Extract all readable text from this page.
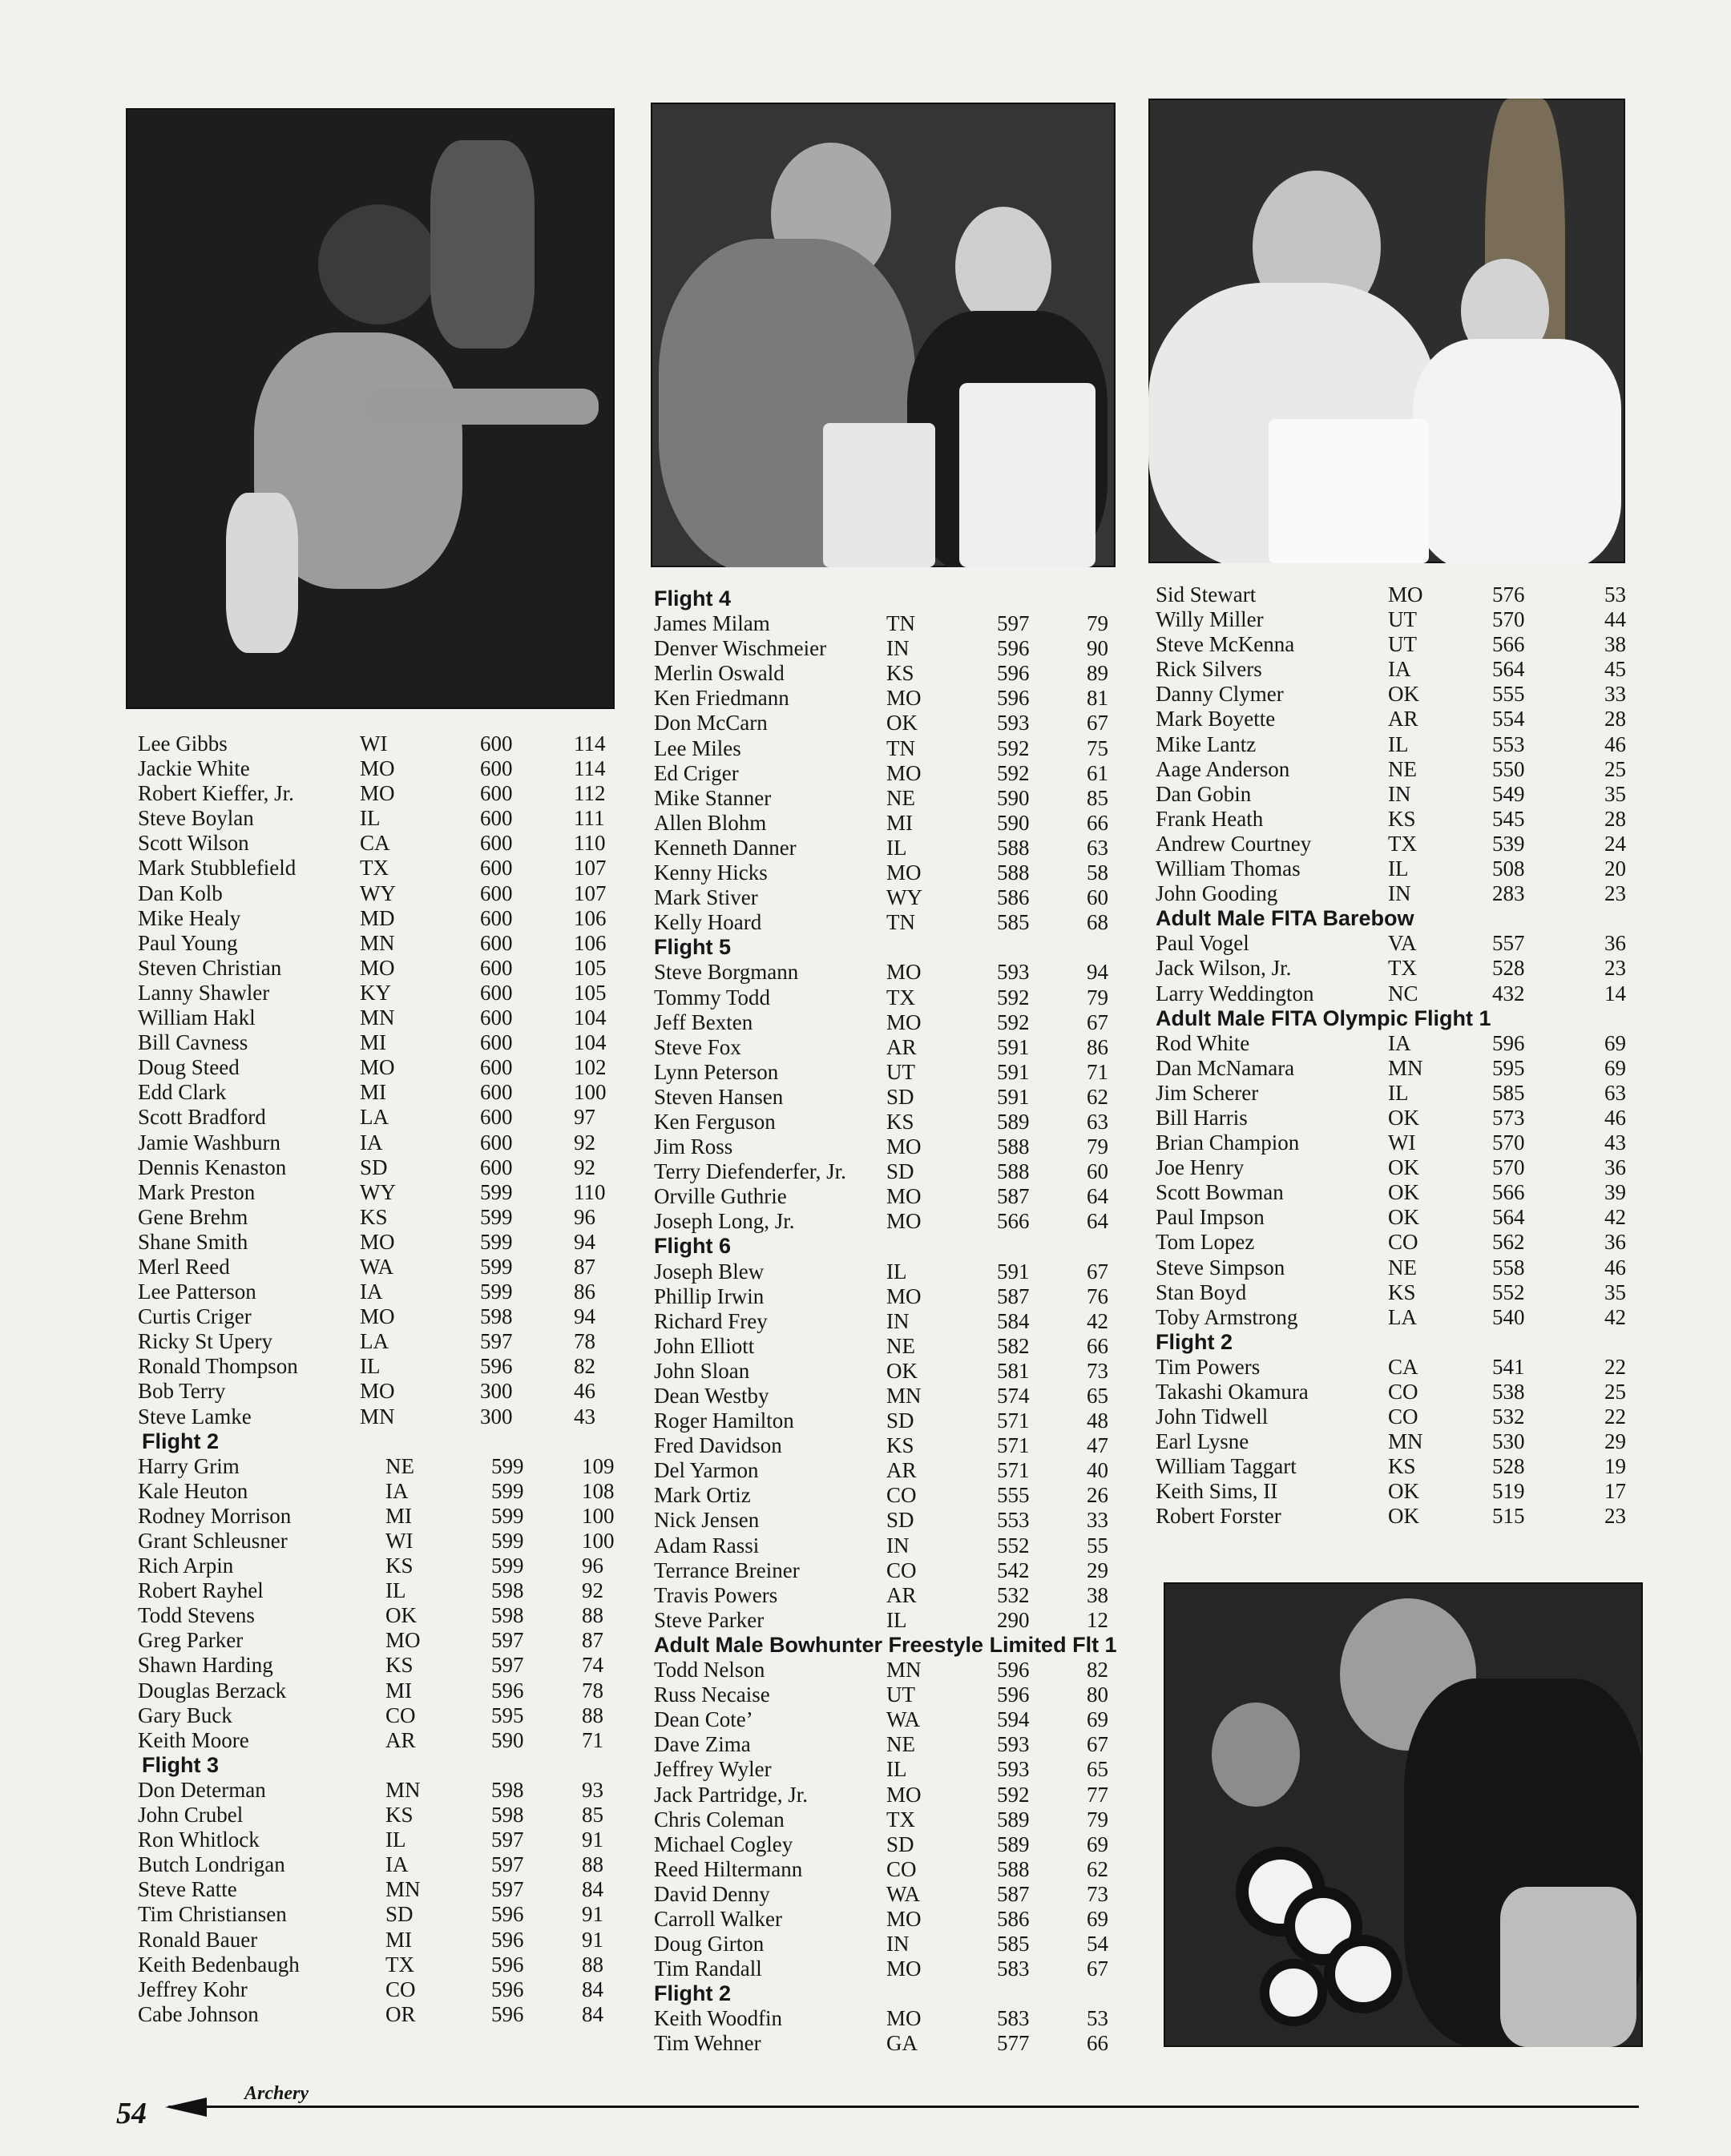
Lee Gibbs	WI	600	114
Jackie White	MO	600	114
Robert Kieffer, Jr.	MO	600	112
Steve Boylan	IL	600	111
Scott Wilson	CA	600	110
Mark Stubblefield	TX	600	107
Dan Kolb	WY	600	107
Mike Healy	MD	600	106
Paul Young	MN	600	106
Steven Christian	MO	600	105
Lanny Shawler	KY	600	105
William Hakl	MN	600	104
Bill Cavness	MI	600	104
Doug Steed	MO	600	102
Edd Clark	MI	600	100
Scott Bradford	LA	600	97
Jamie Washburn	IA	600	92
Dennis Kenaston	SD	600	92
Mark Preston	WY	599	110
Gene Brehm	KS	599	96
Shane Smith	MO	599	94
Merl Reed	WA	599	87
Lee Patterson	IA	599	86
Curtis Criger	MO	598	94
Ricky St Upery	LA	597	78
Ronald Thompson	IL	596	82
Bob Terry	MO	300	46
Steve Lamke	MN	300	43
Flight 2
Harry Grim	NE	599	109
Kale Heuton	IA	599	108
Rodney Morrison	MI	599	100
Grant Schleusner	WI	599	100
Rich Arpin	KS	599	96
Robert Rayhel	IL	598	92
Todd Stevens	OK	598	88
Greg Parker	MO	597	87
Shawn Harding	KS	597	74
Douglas Berzack	MI	596	78
Gary Buck	CO	595	88
Keith Moore	AR	590	71
Flight 3
Don Determan	MN	598	93
John Crubel	KS	598	85
Ron Whitlock	IL	597	91
Butch Londrigan	IA	597	88
Steve Ratte	MN	597	84
Tim Christiansen	SD	596	91
Ronald Bauer	MI	596	91
Keith Bedenbaugh	TX	596	88
Jeffrey Kohr	CO	596	84
Cabe Johnson	OR	596	84
Flight 4
James Milam	TN	597	79
Denver Wischmeier	IN	596	90
Merlin Oswald	KS	596	89
Ken Friedmann	MO	596	81
Don McCarn	OK	593	67
Lee Miles	TN	592	75
Ed Criger	MO	592	61
Mike Stanner	NE	590	85
Allen Blohm	MI	590	66
Kenneth Danner	IL	588	63
Kenny Hicks	MO	588	58
Mark Stiver	WY	586	60
Kelly Hoard	TN	585	68
Flight 5
Steve Borgmann	MO	593	94
Tommy Todd	TX	592	79
Jeff Bexten	MO	592	67
Steve Fox	AR	591	86
Lynn Peterson	UT	591	71
Steven Hansen	SD	591	62
Ken Ferguson	KS	589	63
Jim Ross	MO	588	79
Terry Diefenderfer, Jr. SD	588	60
Orville Guthrie	MO	587	64
Joseph Long, Jr.	MO	566	64
Flight 6
Joseph Blew	IL	591	67
Phillip Irwin	MO	587	76
Richard Frey	IN	584	42
John Elliott	NE	582	66
John Sloan	OK	581	73
Dean Westby	MN	574	65
Roger Hamilton	SD	571	48
Fred Davidson	KS	571	47
Del Yarmon	AR	571	40
Mark Ortiz	CO	555	26
Nick Jensen	SD	553	33
Adam Rassi	IN	552	55
Terrance Breiner	CO	542	29
Travis Powers	AR	532	38
Steve Parker	IL	290	12
Adult Male Bowhunter Freestyle Limited Flt 1
Todd Nelson	MN	596	82
Russ Necaise	UT	596	80
Dean Cote’	WA	594	69
Dave Zima	NE	593	67
Jeffrey Wyler	IL	593	65
Jack Partridge, Jr.	MO	592	77
Chris Coleman	TX	589	79
Michael Cogley	SD	589	69
Reed Hiltermann	CO	588	62
David Denny	WA	587	73
Carroll Walker	MO	586	69
Doug Girton	IN	585	54
Tim Randall	MO	583	67
Flight 2
Keith Woodfin	MO	583	53
Tim Wehner	GA	577	66
Sid Stewart	MO	576	53
Willy Miller	UT	570	44
Steve McKenna	UT	566	38
Rick Silvers	IA	564	45
Danny Clymer	OK	555	33
Mark Boyette	AR	554	28
Mike Lantz	IL	553	46
Aage Anderson	NE	550	25
Dan Gobin	IN	549	35
Frank Heath	KS	545	28
Andrew Courtney	TX	539	24
William Thomas	IL	508	20
John Gooding	IN	283	23
Adult Male FITA Barebow
Paul Vogel	VA	557	36
Jack Wilson, Jr.	TX	528	23
Larry Weddington	NC	432	14
Adult Male FITA Olympic Flight 1
Rod White	IA	596	69
Dan McNamara	MN	595	69
Jim Scherer	IL	585	63
Bill Harris	OK	573	46
Brian Champion	WI	570	43
Joe Henry	OK	570	36
Scott Bowman	OK	566	39
Paul Impson	OK	564	42
Tom Lopez	CO	562	36
Steve Simpson	NE	558	46
Stan Boyd	KS	552	35
Toby Armstrong	LA	540	42
Flight 2
Tim Powers	CA	541	22
Takashi Okamura	CO	538	25
John Tidwell	CO	532	22
Earl Lysne	MN	530	29
William Taggart	KS	528	19
Keith Sims, II	OK	519	17
Robert Forster	OK	515	23
54
Archery
